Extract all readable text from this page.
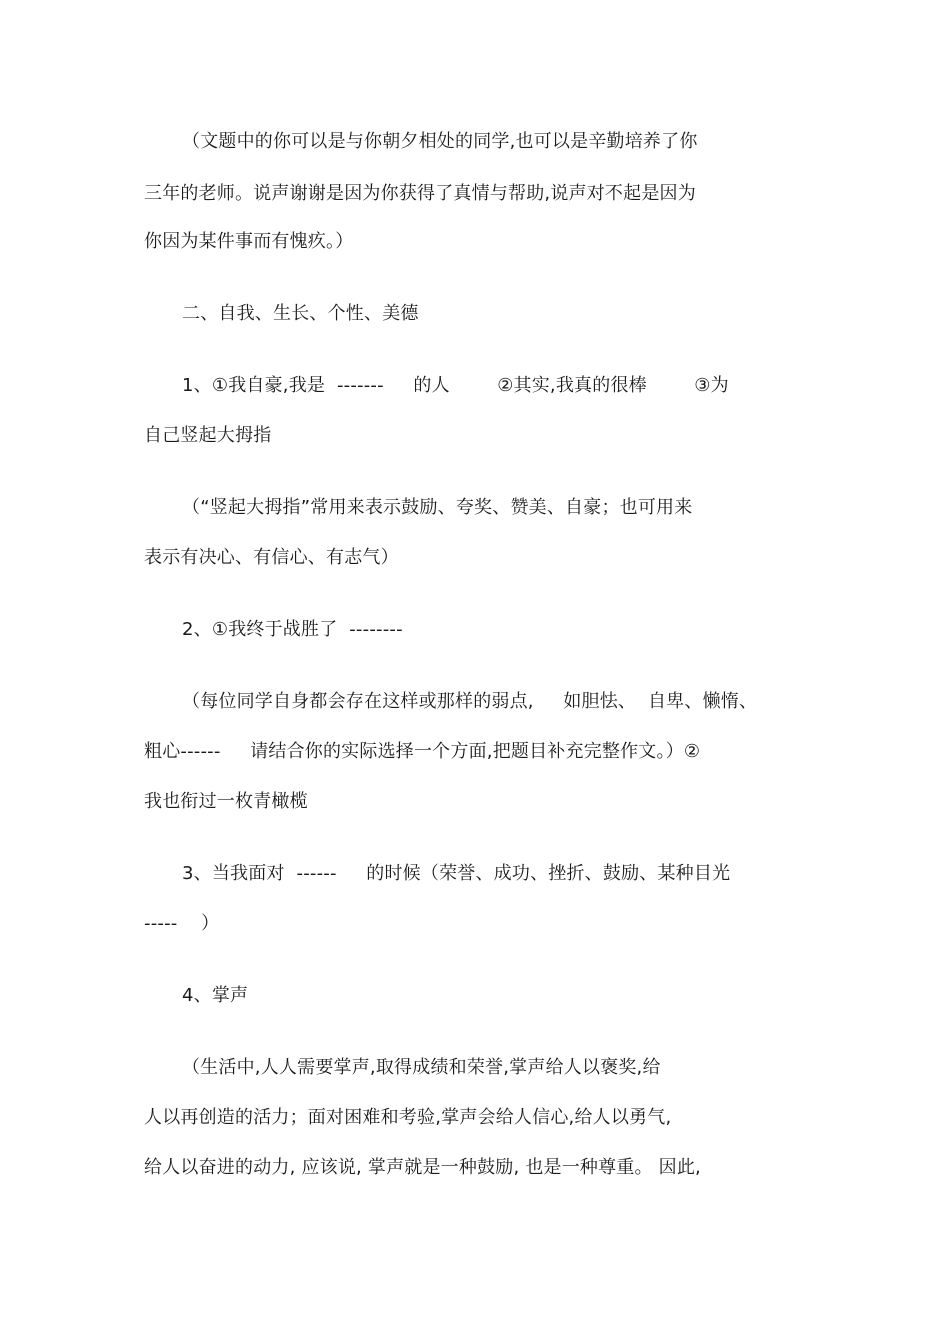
（文题中的你可以是与你朝夕相处的同学,也可以是辛勤培养了你
三年的老师。说声谢谢是因为你获得了真情与帮助,说声对不起是因为
你因为某件事而有愧疚。）
二、自我、生长、个性、美德
1、①我自豪,我是  -------     的人        ②其实,我真的很棒        ③为
自己竖起大拇指
（“竖起大拇指”常用来表示鼓励、夸奖、赞美、自豪；也可用来
表示有决心、有信心、有志气）
2、①我终于战胜了  --------
（每位同学自身都会存在这样或那样的弱点,     如胆怯、  自卑、懒惰、
粗心------     请结合你的实际选择一个方面,把题目补充完整作文。）②
我也衔过一枚青橄榄
3、当我面对  ------     的时候（荣誉、成功、挫折、鼓励、某种目光
-----    ）
4、掌声
（生活中,人人需要掌声,取得成绩和荣誉,掌声给人以褒奖,给
人以再创造的活力；面对困难和考验,掌声会给人信心,给人以勇气,
给人以奋进的动力, 应该说, 掌声就是一种鼓励, 也是一种尊重。 因此,
